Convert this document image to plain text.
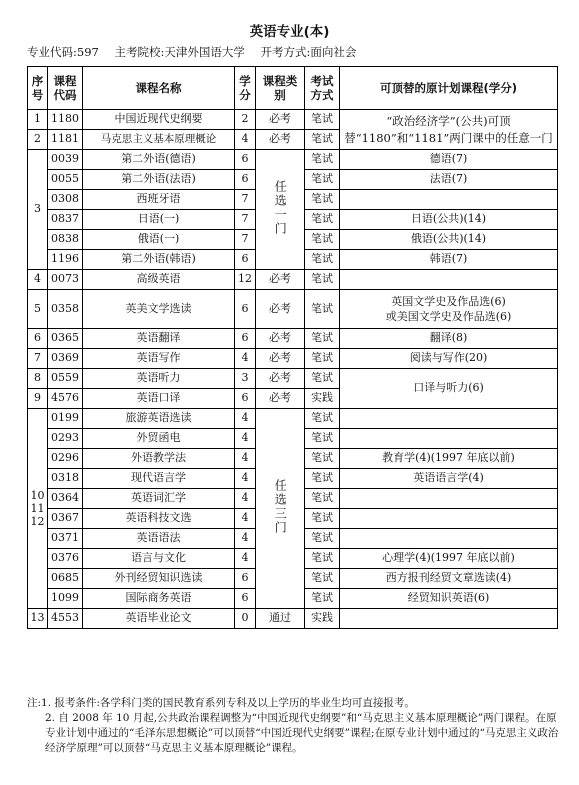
英语专业(本)
专业代码:597 主考院校:天津外国语大学 开考方式:面向社会
序号	课程代码	课程名称	学分	课程类别	考试方式	可顶替的原计划课程(学分)
1	1180	中国近现代史纲要	2	必考	笔试	“政治经济学”(公共)可顶替“1180”和“1181”两门课中的任意一门
2	1181	马克思主义基本原理概论	4	必考	笔试	
3	0039	第二外语(德语)	6	任选一门	笔试	德语(7)
	0055	第二外语(法语)	6		笔试	法语(7)
	0308	西班牙语	7		笔试	
	0837	日语(一)	7		笔试	日语(公共)(14)
	0838	俄语(一)	7		笔试	俄语(公共)(14)
	1196	第二外语(韩语)	6		笔试	韩语(7)
4	0073	高级英语	12	必考	笔试	
5	0358	英美文学选读	6	必考	笔试	英国文学史及作品选(6)
或美国文学史及作品选(6)
6	0365	英语翻译	6	必考	笔试	翻译(8)
7	0369	英语写作	4	必考	笔试	阅读与写作(20)
8	0559	英语听力	3	必考	笔试	口译与听力(6)
9	4576	英语口译	6	必考	实践	
10
11
12	0199	旅游英语选读	4	任选三门	笔试	
	0293	外贸函电	4		笔试	
	0296	外语教学法	4		笔试	教育学(4)(1997 年底以前)
	0318	现代语言学	4		笔试	英语语言学(4)
	0364	英语词汇学	4		笔试	
	0367	英语科技文选	4		笔试	
	0371	英语语法	4		笔试	
	0376	语言与文化	4		笔试	心理学(4)(1997 年底以前)
	0685	外刊经贸知识选读	6		笔试	西方报刊经贸文章选读(4)
	1099	国际商务英语	6		笔试	经贸知识英语(6)
13	4553	英语毕业论文	0	通过	实践	
注:1. 报考条件:各学科门类的国民教育系列专科及以上学历的毕业生均可直接报考。
2. 自 2008 年 10 月起,公共政治课程调整为“中国近现代史纲要”和“马克思主义基本原理概论”两门课程。在原专业计划中通过的“毛泽东思想概论”可以顶替“中国近现代史纲要”课程;在原专业计划中通过的“马克思主义政治经济学原理”可以顶替“马克思主义基本原理概论”课程。
